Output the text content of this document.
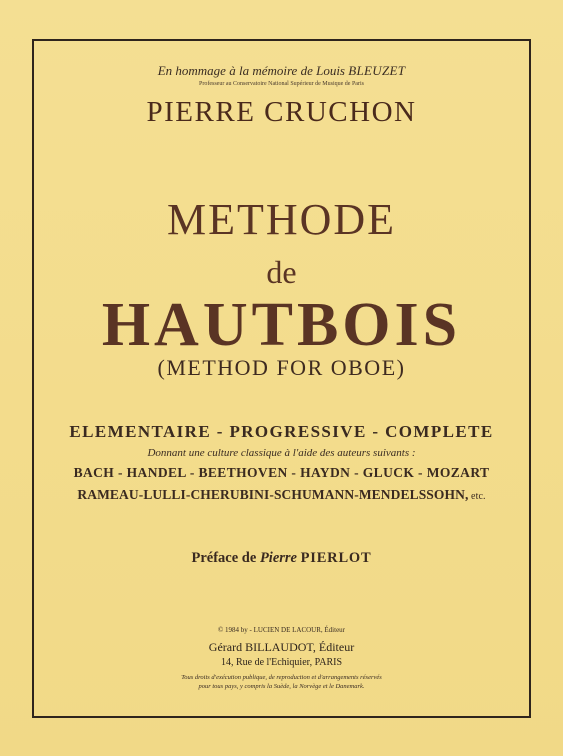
En hommage à la mémoire de Louis BLEUZET
Professeur au Conservatoire National Supérieur de Musique de Paris
PIERRE CRUCHON
METHODE
de
HAUTBOIS
(METHOD FOR OBOE)
ELEMENTAIRE - PROGRESSIVE - COMPLETE
Donnant une culture classique à l'aide des auteurs suivants :
BACH - HANDEL - BEETHOVEN - HAYDN - GLUCK - MOZART
RAMEAU-LULLI-CHERUBINI-SCHUMANN-MENDELSSOHN, etc.
Préface de Pierre PIERLOT
© 1984 by - LUCIEN DE LACOUR, Éditeur
Gérard BILLAUDOT, Éditeur
14, Rue de l'Echiquier, PARIS
Tous droits d'exécution publique, de reproduction et d'arrangements réservés
pour tous pays, y compris la Suède, la Norvège et le Danemark.
